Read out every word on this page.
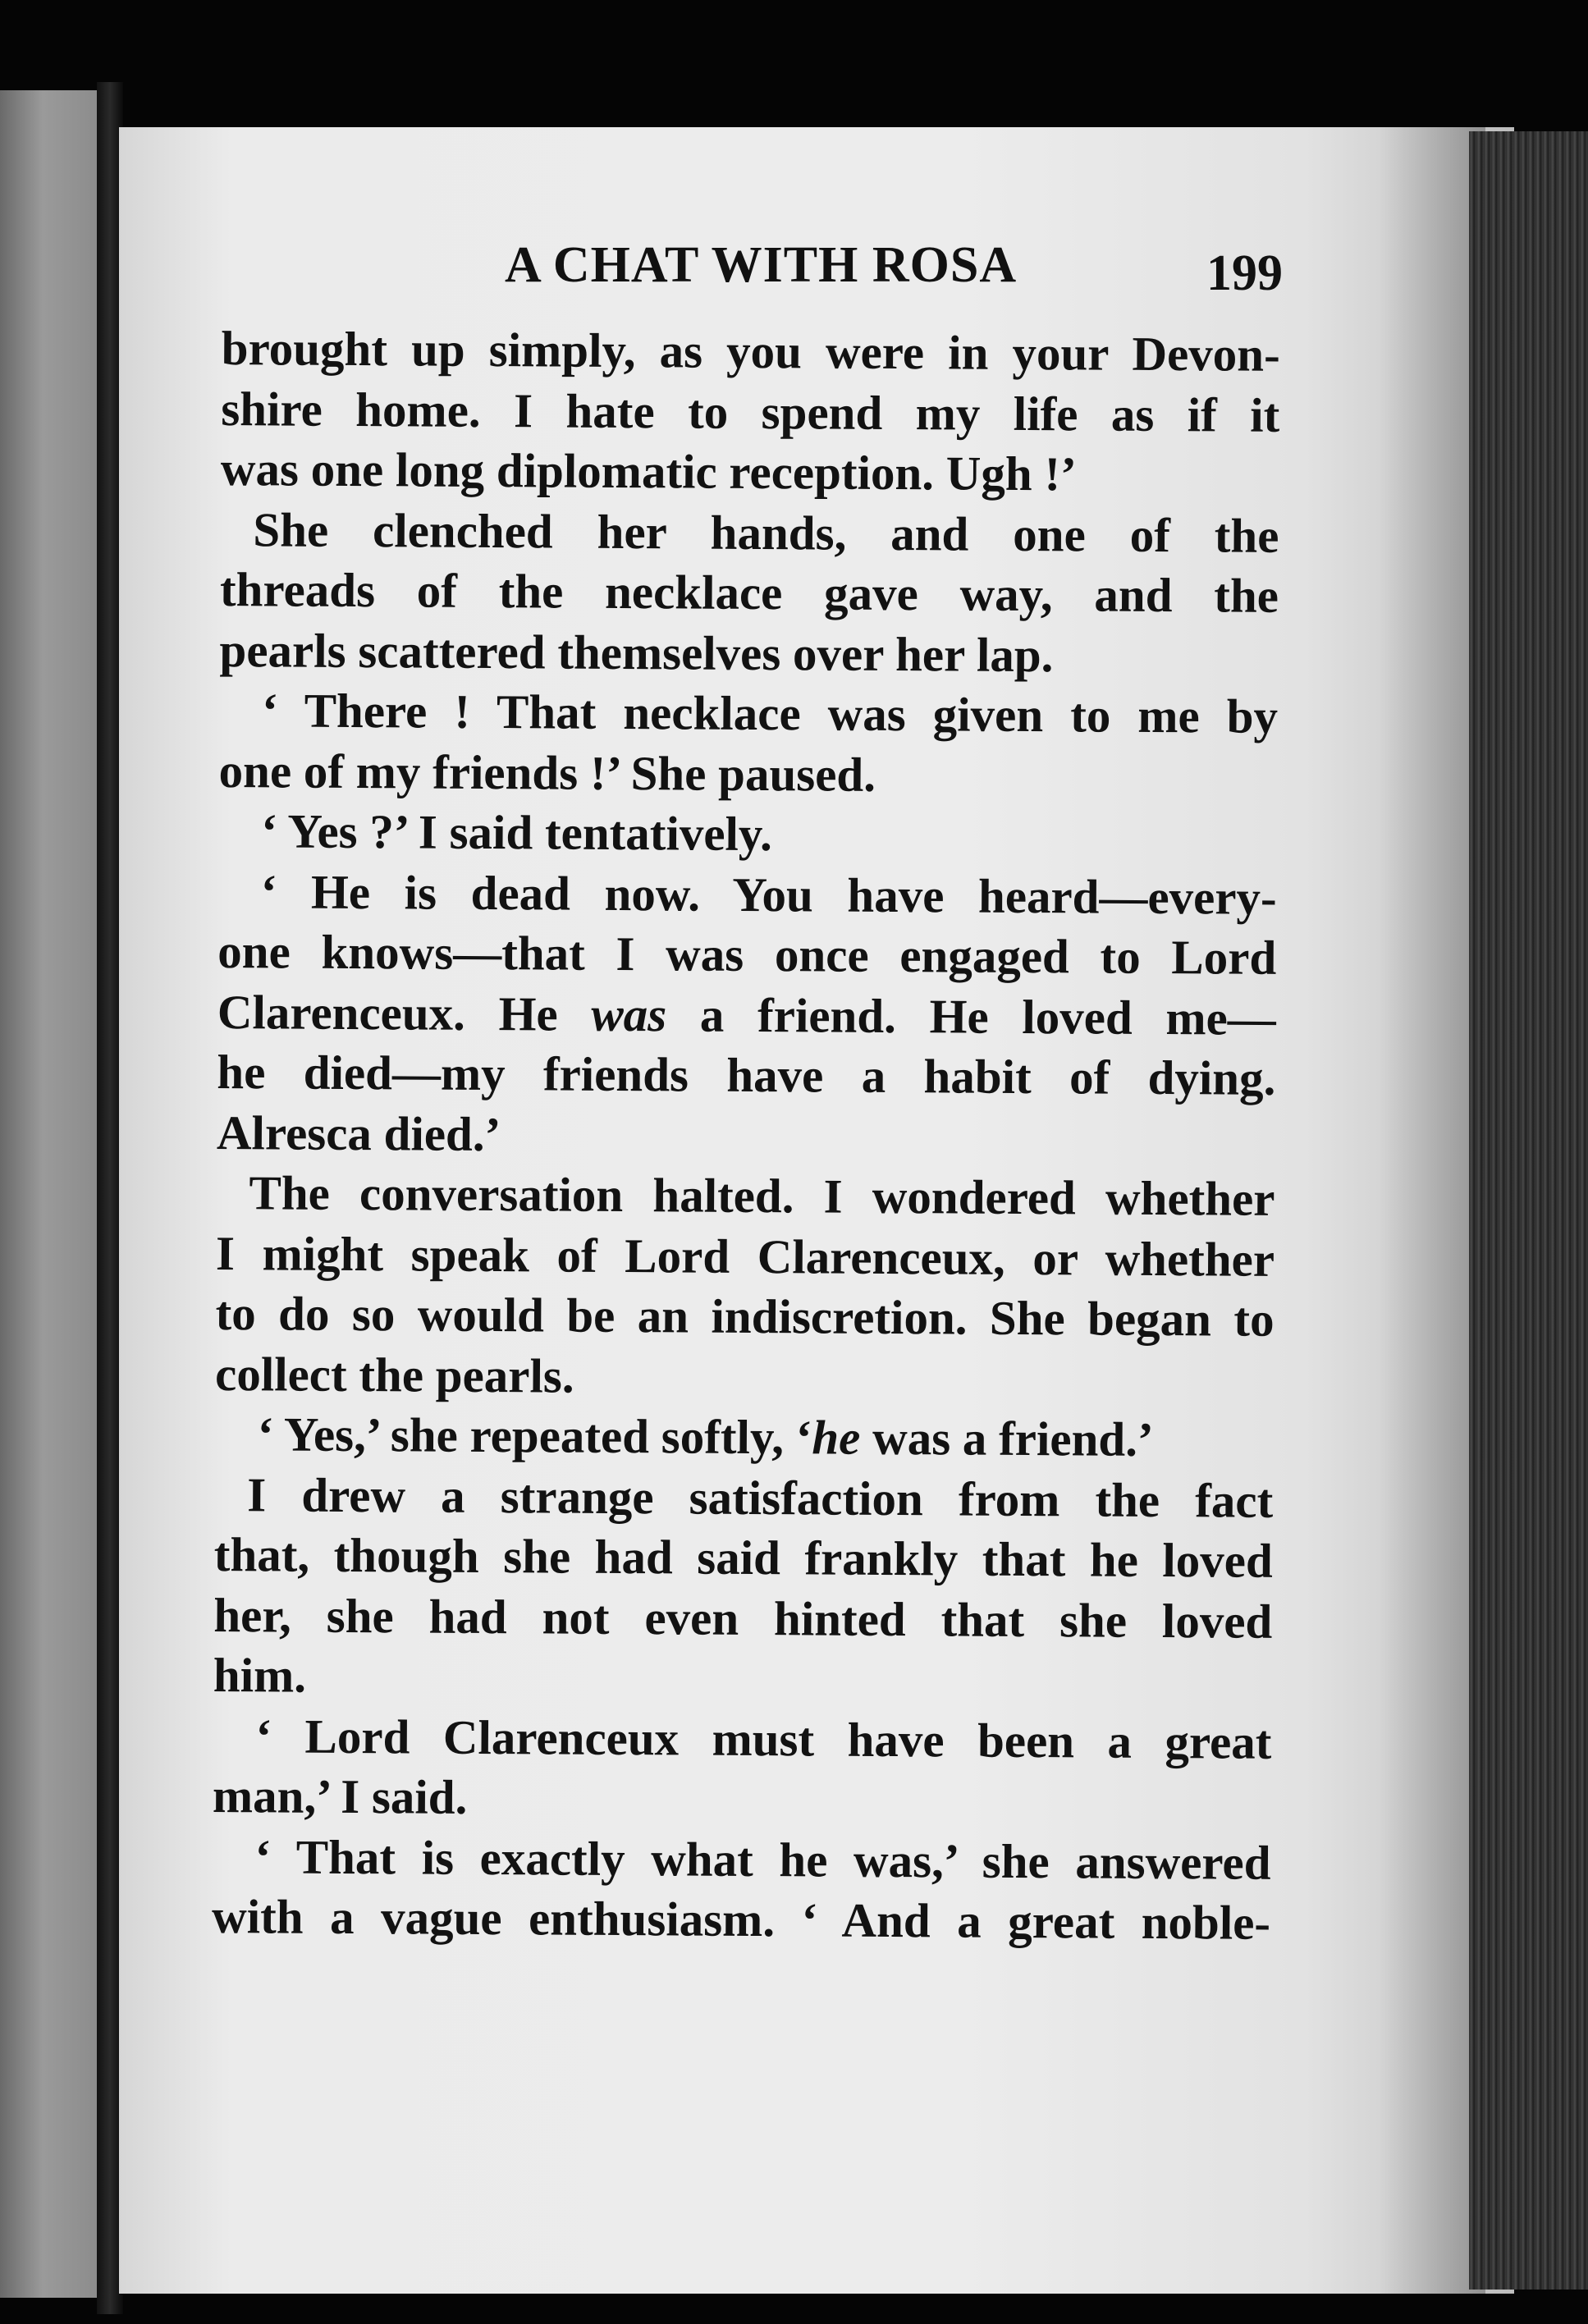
A CHAT WITH ROSA	199
brought up simply, as you were in your Devon-
shire home. I hate to spend my life as if it
was one long diplomatic reception. Ugh !’
She clenched her hands, and one of the
threads of the necklace gave way, and the
pearls scattered themselves over her lap.
‘ There ! That necklace was given to me by
one of my friends !’ She paused.
‘ Yes ?’ I said tentatively.
‘ He is dead now. You have heard—every-
one knows—that I was once engaged to Lord
Clarenceux. He was a friend. He loved me—
he died—my friends have a habit of dying.
Alresca died.’
The conversation halted. I wondered whether
I might speak of Lord Clarenceux, or whether
to do so would be an indiscretion. She began to
collect the pearls.
‘ Yes,’ she repeated softly, ‘he was a friend.’
I drew a strange satisfaction from the fact
that, though she had said frankly that he loved
her, she had not even hinted that she loved
him.
‘ Lord Clarenceux must have been a great
man,’ I said.
‘ That is exactly what he was,’ she answered
with a vague enthusiasm. ‘ And a great noble-
